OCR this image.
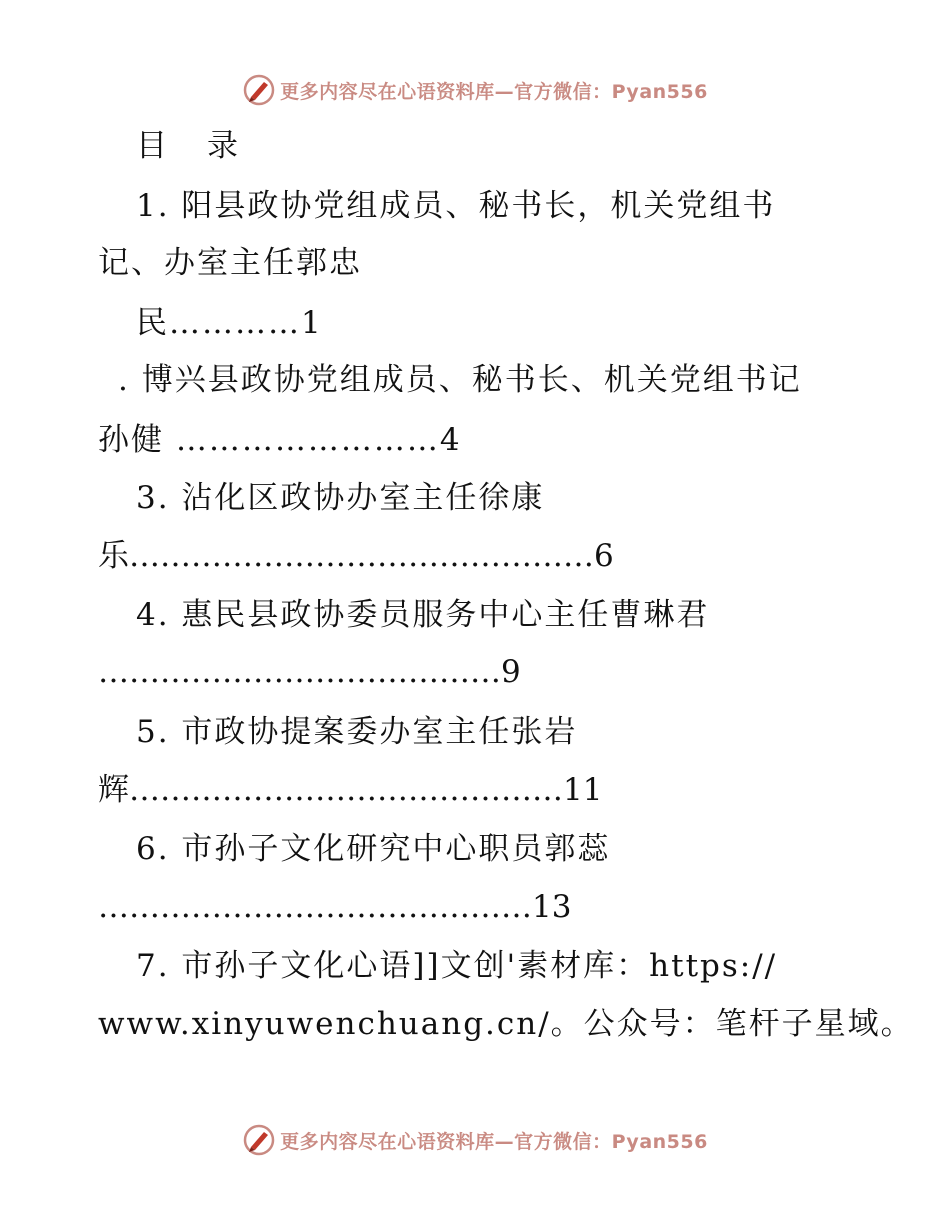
更多内容尽在心语资料库—官方微信：Pyan556
目 录
1. 阳县政协党组成员、秘书长，机关党组书
记、办室主任郭忠
民…………1
. 博兴县政协党组成员、秘书长、机关党组书记
孙健 ……………………4
3. 沾化区政协办室主任徐康
乐………………………………………6
4. 惠民县政协委员服务中心主任曹琳君
…………………………………9
5. 市政协提案委办室主任张岩
辉……………………………………11
6. 市孙子文化研究中心职员郭蕊
……………………………………13
7. 市孙子文化心语]]文创'素材库：https://
www.xinyuwenchuang.cn/。公众号：笔杆子星域。
更多内容尽在心语资料库—官方微信：Pyan556
